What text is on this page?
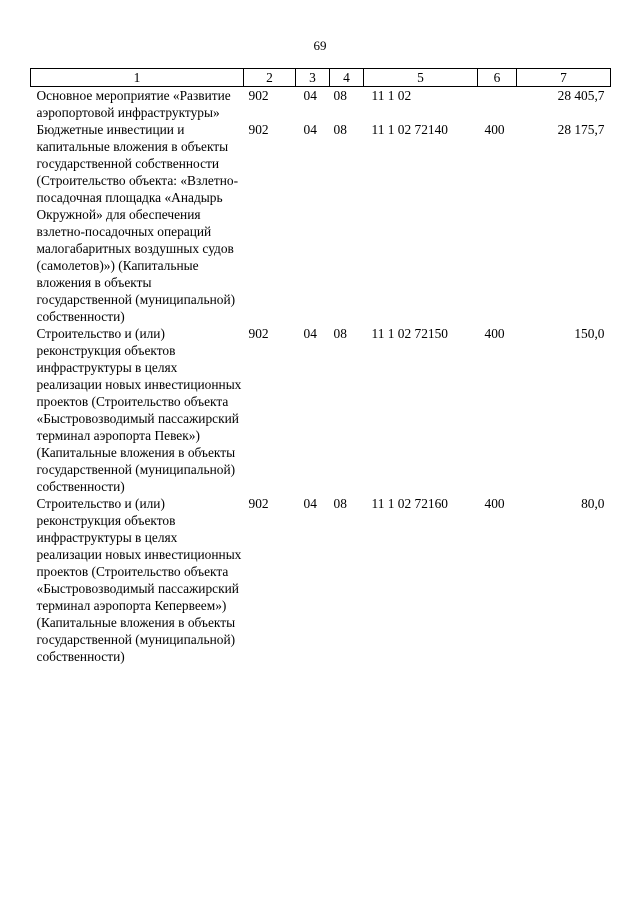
69
1	2	3	4	5	6	7
Основное мероприятие «Развитие аэропортовой инфраструктуры»	902	04	08	11 1 02		28 405,7
Бюджетные инвестиции и капитальные вложения в объекты государственной собственности (Строительство объекта: «Взлетно-посадочная площадка «Анадырь Окружной» для обеспечения взлетно-посадочных операций малогабаритных воздушных судов (самолетов)») (Капитальные вложения в объекты государственной (муниципальной) собственности)	902	04	08	11 1 02 72140	400	28 175,7
Строительство и (или) реконструкция объектов инфраструктуры в целях реализации новых инвестиционных проектов (Строительство объекта «Быстровозводимый пассажирский терминал аэропорта Певек») (Капитальные вложения в объекты государственной (муниципальной) собственности)	902	04	08	11 1 02 72150	400	150,0
Строительство и (или) реконструкция объектов инфраструктуры в целях реализации новых инвестиционных проектов (Строительство объекта «Быстровозводимый пассажирский терминал аэропорта Кепервеем») (Капитальные вложения в объекты государственной (муниципальной) собственности)	902	04	08	11 1 02 72160	400	80,0
